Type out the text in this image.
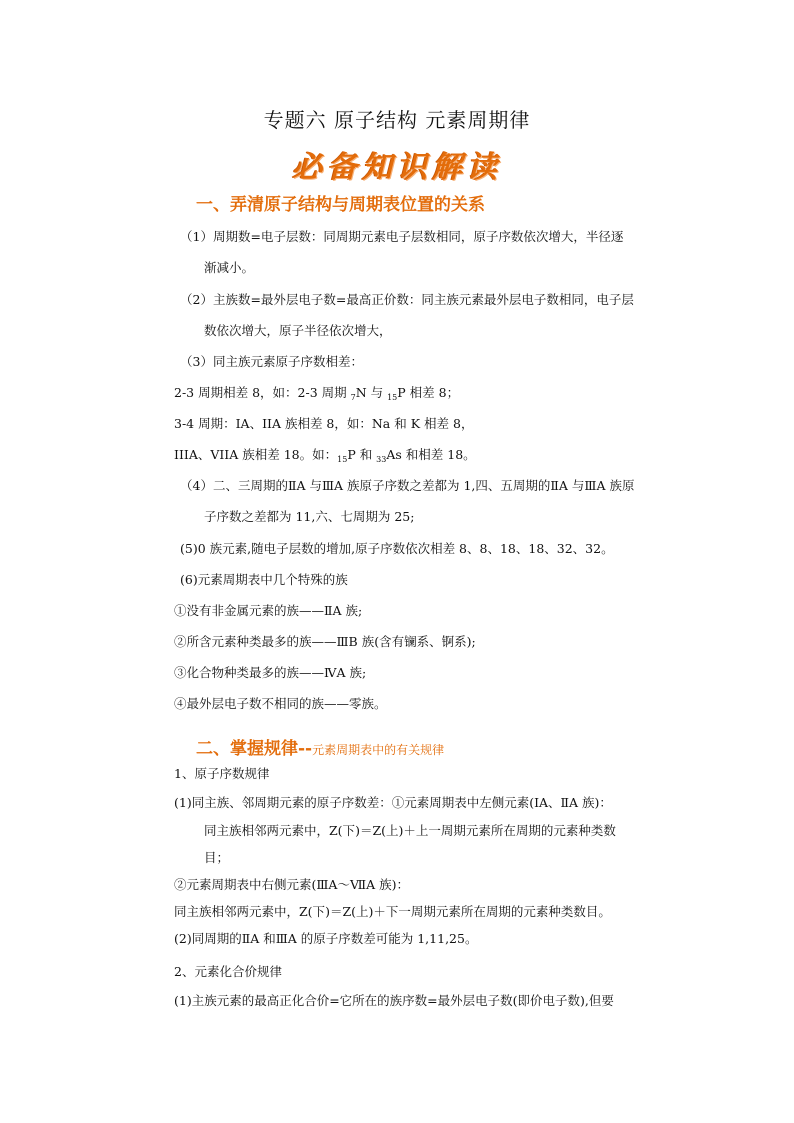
专题六 原子结构 元素周期律
必备知识解读
一、弄清原子结构与周期表位置的关系
（1）周期数=电子层数：同周期元素电子层数相同，原子序数依次增大，半径逐
渐减小。
（2）主族数=最外层电子数=最高正价数：同主族元素最外层电子数相同，电子层
数依次增大，原子半径依次增大，
（3）同主族元素原子序数相差：
2-3 周期相差 8，如：2-3 周期 $_7$N 与 $_{15}$P 相差 8；
3-4 周期：IA、IIA 族相差 8，如：Na 和 K 相差 8，
IIIA、VIIA 族相差 18。如：$_{15}$P 和 $_{33}$As 和相差 18。
（4）二、三周期的ⅡA 与ⅢA 族原子序数之差都为 1,四、五周期的ⅡA 与ⅢA 族原
子序数之差都为 11,六、七周期为 25;
(5)0 族元素,随电子层数的增加,原子序数依次相差 8、8、18、18、32、32。
(6)元素周期表中几个特殊的族
①没有非金属元素的族——ⅡA 族;
②所含元素种类最多的族——ⅢB 族(含有镧系、锕系);
③化合物种类最多的族——ⅣA 族;
④最外层电子数不相同的族——零族。
二、掌握规律--元素周期表中的有关规律
1、原子序数规律
(1)同主族、邻周期元素的原子序数差：①元素周期表中左侧元素(ⅠA、ⅡA 族)：
同主族相邻两元素中，Z(下)＝Z(上)＋上一周期元素所在周期的元素种类数
目；
②元素周期表中右侧元素(ⅢA～ⅦA 族)：
同主族相邻两元素中，Z(下)＝Z(上)＋下一周期元素所在周期的元素种类数目。
(2)同周期的ⅡA 和ⅢA 的原子序数差可能为 1,11,25。
2、元素化合价规律
(1)主族元素的最高正化合价=它所在的族序数=最外层电子数(即价电子数),但要
